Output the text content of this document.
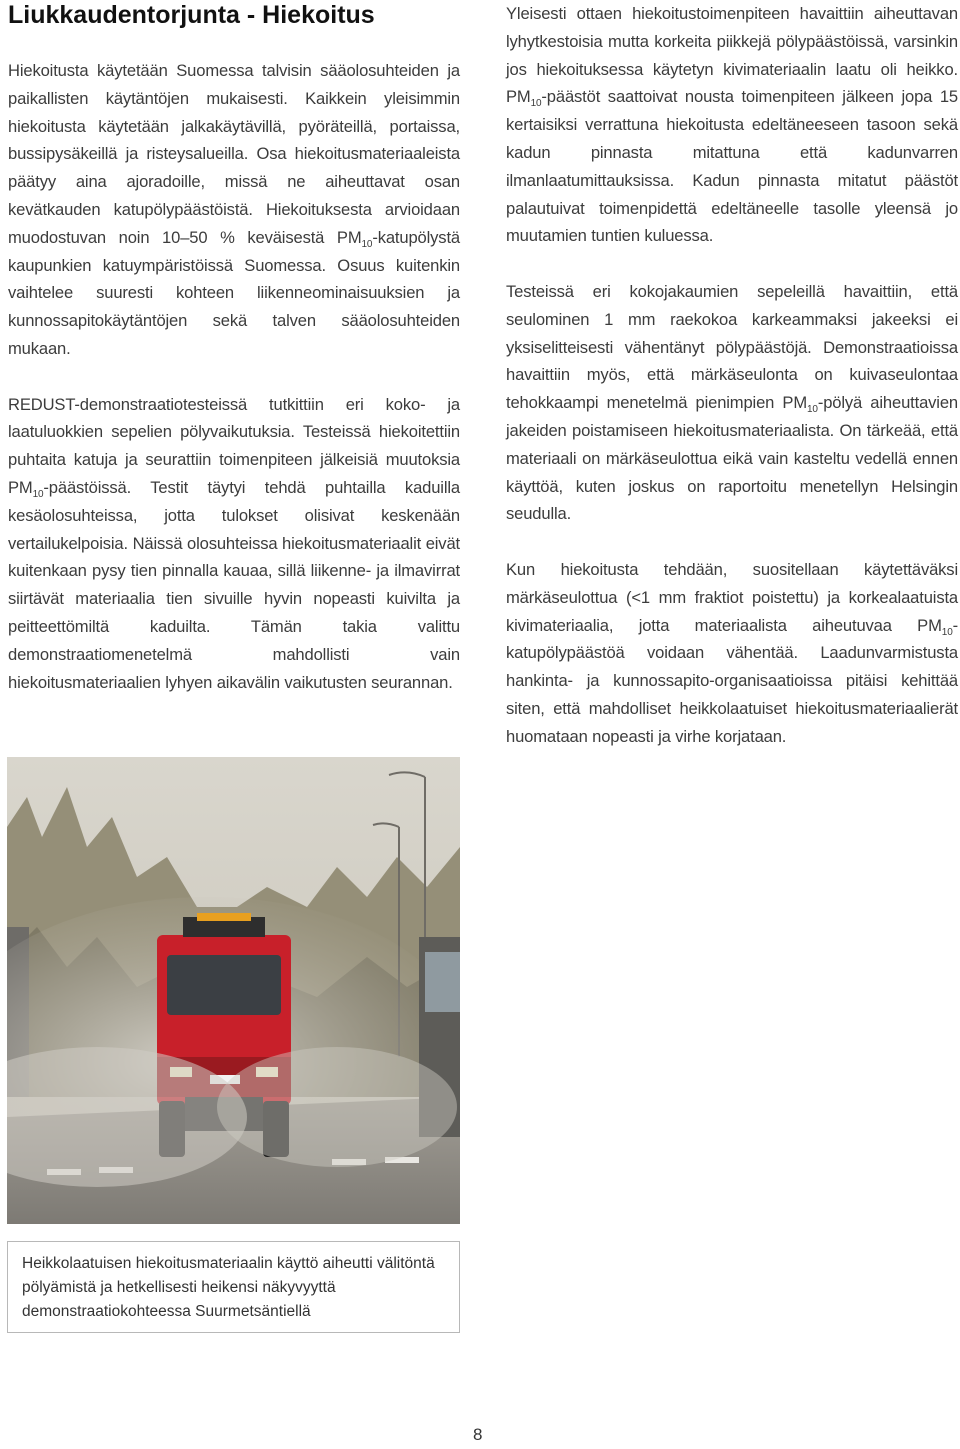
Liukkaudentorjunta - Hiekoitus

Hiekoitusta käytetään Suomessa talvisin sääolosuhteiden ja paikallisten käytäntöjen mukaisesti. Kaikkein yleisimmin hiekoitusta käytetään jalkakäytävillä, pyöräteillä, portaissa, bussipysäkeillä ja risteysalueilla. Osa hiekoitusmateriaaleista päätyy aina ajoradoille, missä ne aiheuttavat osan kevätkauden katupölypäästöistä. Hiekoituksesta arvioidaan muodostuvan noin 10–50 % keväisestä $PM_{10}$-katupölystä kaupunkien katuympäristöissä Suomessa. Osuus kuitenkin vaihtelee suuresti kohteen liikenneominaisuuksien ja kunnossapitokäytäntöjen sekä talven sääolosuhteiden mukaan.

REDUST-demonstraatiotesteissä tutkittiin eri koko- ja laatuluokkien sepelien pölyvaikutuksia. Testeissä hiekoitettiin puhtaita katuja ja seurattiin toimenpiteen jälkeisiä muutoksia $PM_{10}$-päästöissä. Testit täytyi tehdä puhtailla kaduilla kesäolosuhteissa, jotta tulokset olisivat keskenään vertailukelpoisia. Näissä olosuhteissa hiekoitusmateriaalit eivät kuitenkaan pysy tien pinnalla kauaa, sillä liikenne- ja ilmavirrat siirtävät materiaalia tien sivuille hyvin nopeasti kuivilta ja peitteettömiltä kaduilta. Tämän takia valittu demonstraatiomenetelmä mahdollisti vain hiekoitusmateriaalien lyhyen aikavälin vaikutusten seurannan.

Yleisesti ottaen hiekoitustoimenpiteen havaittiin aiheuttavan lyhytkestoisia mutta korkeita piikkejä pölypäästöissä, varsinkin jos hiekoituksessa käytetyn kivimateriaalin laatu oli heikko. $PM_{10}$-päästöt saattoivat nousta toimenpiteen jälkeen jopa 15 kertaisiksi verrattuna hiekoitusta edeltäneeseen tasoon sekä kadun pinnasta mitattuna että kadunvarren ilmanlaatumittauksissa. Kadun pinnasta mitatut päästöt palautuivat toimenpidettä edeltäneelle tasolle yleensä jo muutamien tuntien kuluessa.

Testeissä eri kokojakaumien sepeleillä havaittiin, että seulominen 1 mm raekokoa karkeammaksi jakeeksi ei yksiselitteisesti vähentänyt pölypäästöjä. Demonstraatioissa havaittiin myös, että märkäseulonta on kuivaseulontaa tehokkaampi menetelmä pienimpien $PM_{10}$-pölyä aiheuttavien jakeiden poistamiseen hiekoitusmateriaalista. On tärkeää, että materiaali on märkäseulottua eikä vain kasteltu vedellä ennen käyttöä, kuten joskus on raportoitu menetellyn Helsingin seudulla.

Kun hiekoitusta tehdään, suositellaan käytettäväksi märkäseulottua (<1 mm fraktiot poistettu) ja korkealaatuista kivimateriaalia, jotta materiaalista aiheutuvaa $PM_{10}$-katupölypäästöä voidaan vähentää. Laadunvarmistusta hankinta- ja kunnossapito-organisaatioissa pitäisi kehittää siten, että mahdolliset heikkolaatuiset hiekoitusmateriaalierät huomataan nopeasti ja virhe korjataan.

Heikkolaatuisen hiekoitusmateriaalin käyttö aiheutti välitöntä pölyämistä ja hetkellisesti heikensi näkyvyyttä demonstraatiokohteessa Suurmetsäntiellä
8
